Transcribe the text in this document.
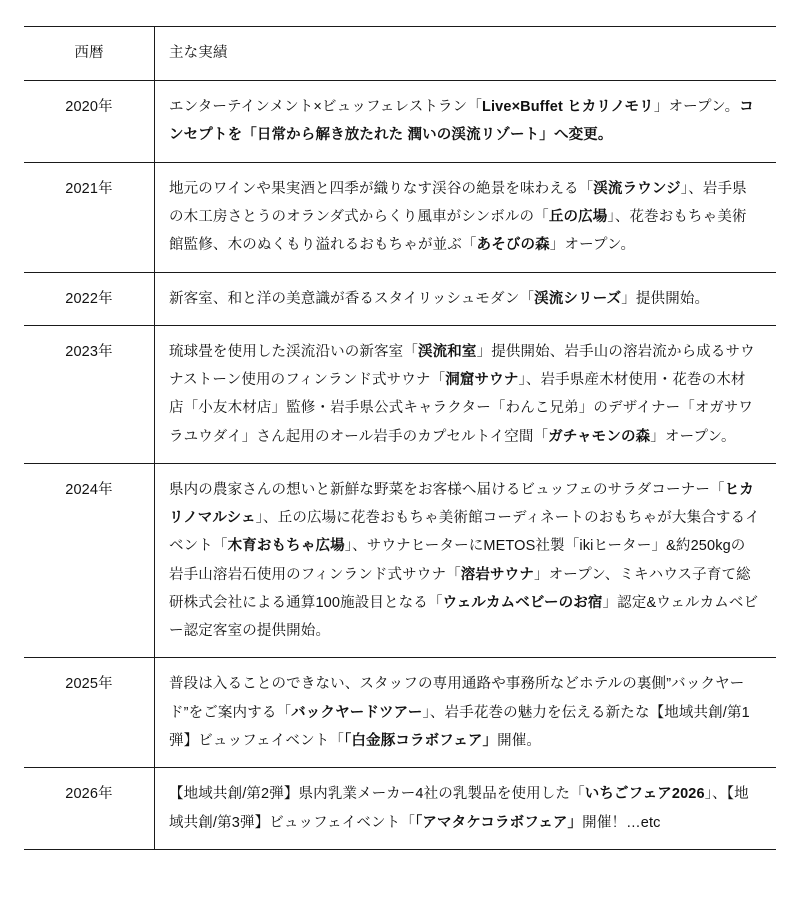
西暦	主な実績
2020年	エンターテインメント×ビュッフェレストラン「Live×Buffet ヒカリノモリ」オープン。コンセプトを「日常から解き放たれた 潤いの渓流リゾート」へ変更。
2021年	地元のワインや果実酒と四季が織りなす渓谷の絶景を味わえる「渓流ラウンジ」、岩手県の木工房さとうのオランダ式からくり風車がシンボルの「丘の広場」、花巻おもちゃ美術館監修、木のぬくもり溢れるおもちゃが並ぶ「あそびの森」オープン。
2022年	新客室、和と洋の美意識が香るスタイリッシュモダン「渓流シリーズ」提供開始。
2023年	琉球畳を使用した渓流沿いの新客室「渓流和室」提供開始、岩手山の溶岩流から成るサウナストーン使用のフィンランド式サウナ「洞窟サウナ」、岩手県産木材使用・花巻の木材店「小友木材店」監修・岩手県公式キャラクター「わんこ兄弟」のデザイナー「オガサワラユウダイ」さん起用のオール岩手のカプセルトイ空間「ガチャモンの森」オープン。
2024年	県内の農家さんの想いと新鮮な野菜をお客様へ届けるビュッフェのサラダコーナー「ヒカリノマルシェ」、丘の広場に花巻おもちゃ美術館コーディネートのおもちゃが大集合するイベント「木育おもちゃ広場」、サウナヒーターにMETOS社製「ikiヒーター」&約250kgの岩手山溶岩石使用のフィンランド式サウナ「溶岩サウナ」オープン、ミキハウス子育て総研株式会社による通算100施設目となる「ウェルカムベビーのお宿」認定&ウェルカムベビー認定客室の提供開始。
2025年	普段は入ることのできない、スタッフの専用通路や事務所などホテルの裏側”バックヤード”をご案内する「バックヤードツアー」、岩手花巻の魅力を伝える新たな【地域共創/第1弾】ビュッフェイベント「「白金豚コラボフェア」開催。
2026年	【地域共創/第2弾】県内乳業メーカー4社の乳製品を使用した「いちごフェア2026」、【地域共創/第3弾】ビュッフェイベント「「アマタケコラボフェア」開催！…etc
